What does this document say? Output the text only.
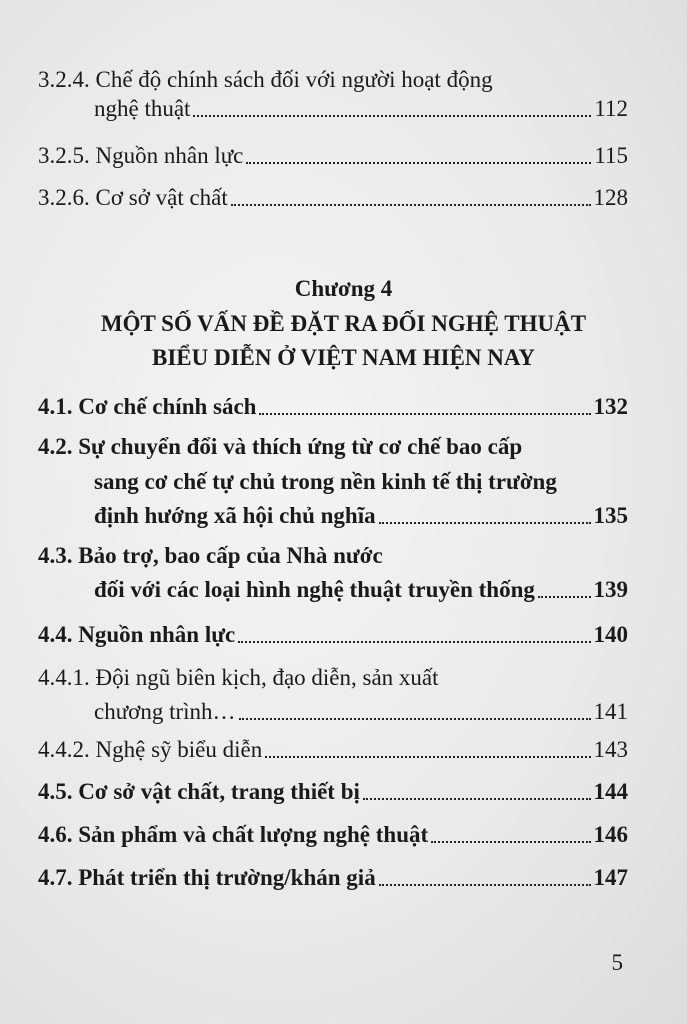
3.2.4. Chế độ chính sách đối với người hoạt động
nghệ thuật	112
3.2.5. Nguồn nhân lực	115
3.2.6. Cơ sở vật chất	128
Chương 4
MỘT SỐ VẤN ĐỀ ĐẶT RA ĐỐI NGHỆ THUẬT
BIỂU DIỄN Ở VIỆT NAM HIỆN NAY
4.1. Cơ chế chính sách	132
4.2. Sự chuyển đổi và thích ứng từ cơ chế bao cấp
sang cơ chế tự chủ trong nền kinh tế thị trường
định hướng xã hội chủ nghĩa	135
4.3. Bảo trợ, bao cấp của Nhà nước
đối với các loại hình nghệ thuật truyền thống	139
4.4. Nguồn nhân lực	140
4.4.1. Đội ngũ biên kịch, đạo diễn, sản xuất
chương trình…	141
4.4.2. Nghệ sỹ biểu diễn	143
4.5. Cơ sở vật chất, trang thiết bị	144
4.6. Sản phẩm và chất lượng nghệ thuật	146
4.7. Phát triển thị trường/khán giả	147
5
